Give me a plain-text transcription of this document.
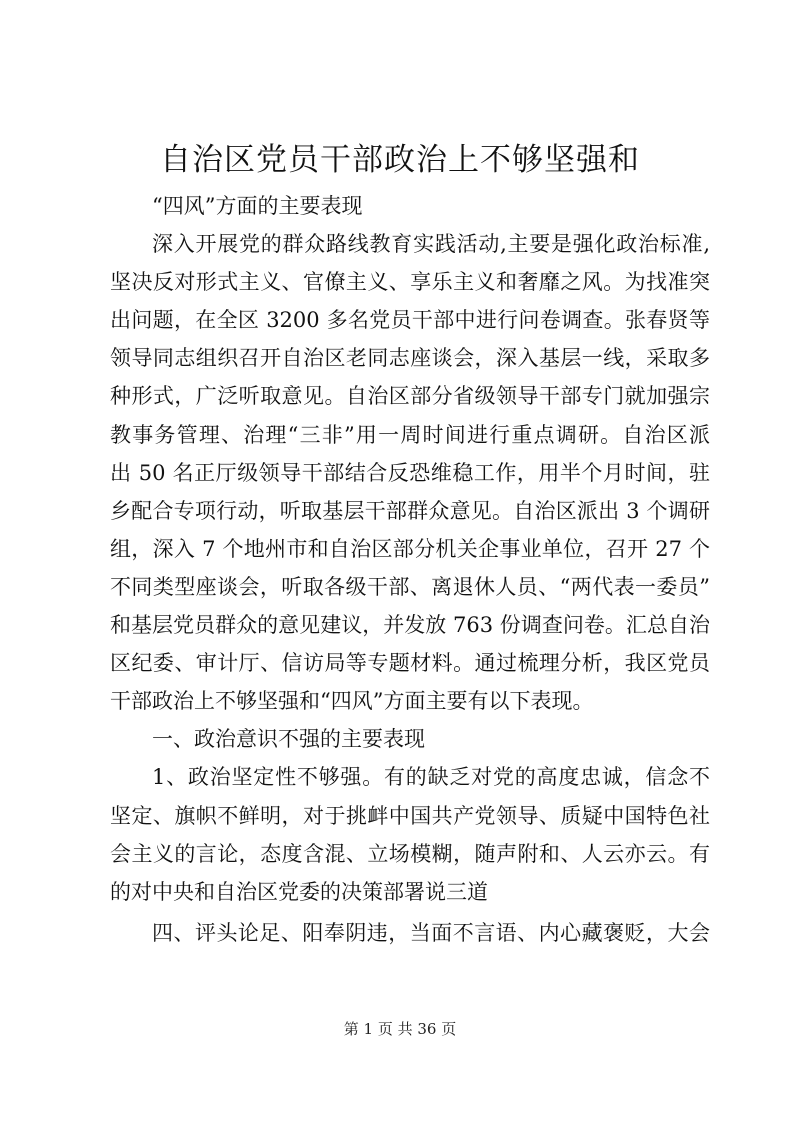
自治区党员干部政治上不够坚强和
“四风”方面的主要表现
深入开展党的群众路线教育实践活动,主要是强化政治标准,
坚决反对形式主义、官僚主义、享乐主义和奢靡之风。为找准突
出问题，在全区 3200 多名党员干部中进行问卷调查。张春贤等
领导同志组织召开自治区老同志座谈会，深入基层一线，采取多
种形式，广泛听取意见。自治区部分省级领导干部专门就加强宗
教事务管理、治理“三非”用一周时间进行重点调研。自治区派
出 50 名正厅级领导干部结合反恐维稳工作，用半个月时间，驻
乡配合专项行动，听取基层干部群众意见。自治区派出 3 个调研
组，深入 7 个地州市和自治区部分机关企事业单位，召开 27 个
不同类型座谈会，听取各级干部、离退休人员、“两代表一委员”
和基层党员群众的意见建议，并发放 763 份调查问卷。汇总自治
区纪委、审计厅、信访局等专题材料。通过梳理分析，我区党员
干部政治上不够坚强和“四风”方面主要有以下表现。
一、政治意识不强的主要表现
1、政治坚定性不够强。有的缺乏对党的高度忠诚，信念不
坚定、旗帜不鲜明，对于挑衅中国共产党领导、质疑中国特色社
会主义的言论，态度含混、立场模糊，随声附和、人云亦云。有
的对中央和自治区党委的决策部署说三道
四、评头论足、阳奉阴违，当面不言语、内心藏褒贬，大会
第 1 页 共 36 页
